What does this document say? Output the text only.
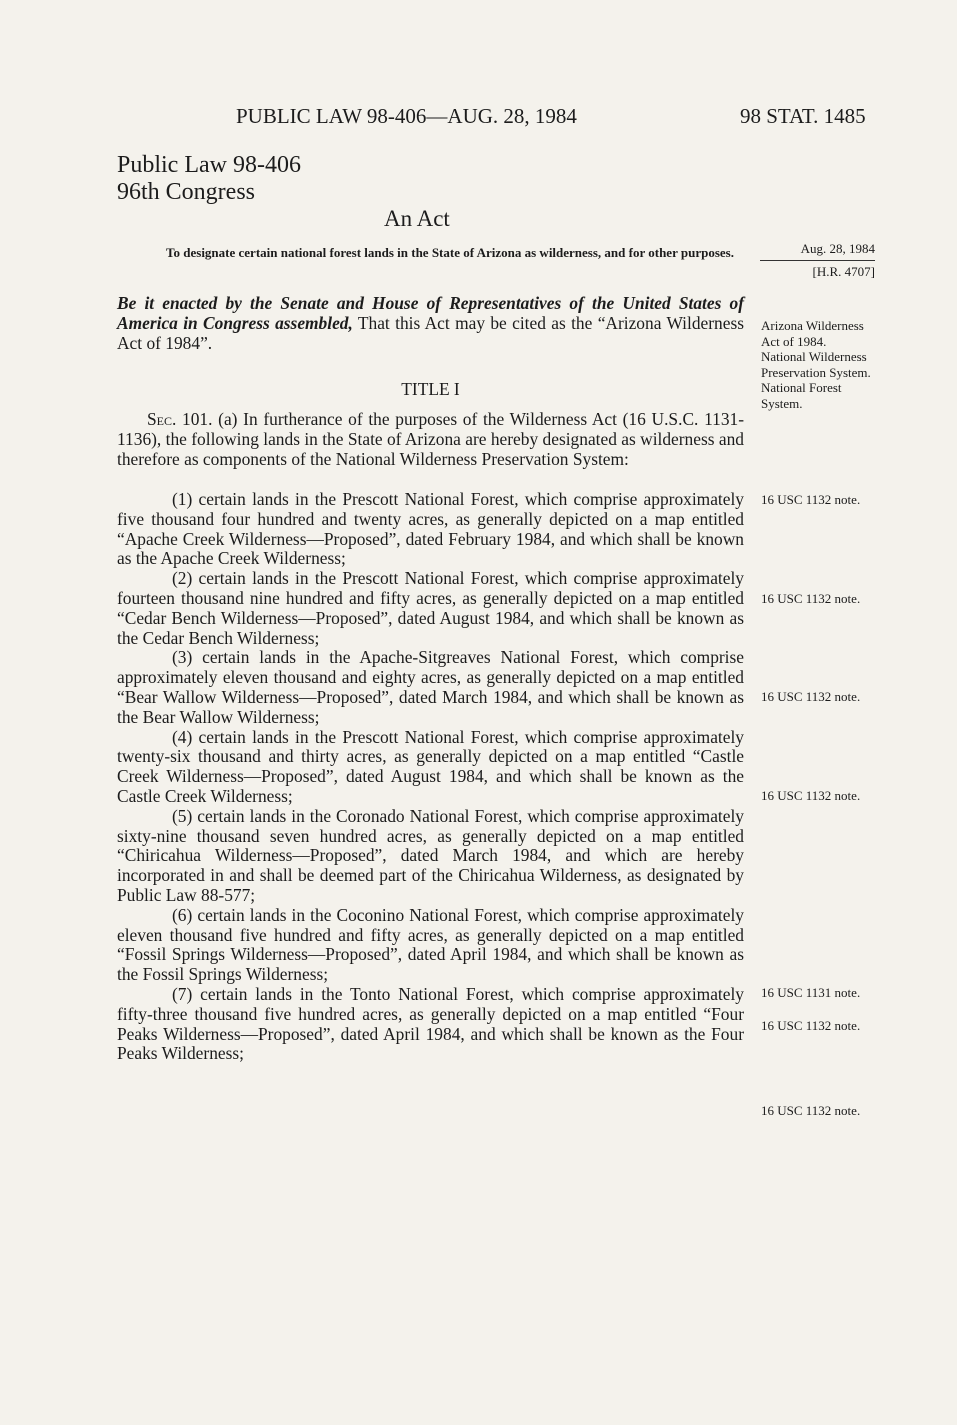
PUBLIC LAW 98-406—AUG. 28, 1984	98 STAT. 1485
Public Law 98-406
96th Congress
An Act
To designate certain national forest lands in the State of Arizona as wilderness, and for other purposes.	Aug. 28, 1984
[H.R. 4707]
Be it enacted by the Senate and House of Representatives of the United States of America in Congress assembled, That this Act may be cited as the “Arizona Wilderness Act of 1984”.
Arizona Wilderness Act of 1984. National Wilderness Preservation System. National Forest System.
TITLE I

Sec. 101. (a) In furtherance of the purposes of the Wilderness Act (16 U.S.C. 1131-1136), the following lands in the State of Arizona are hereby designated as wilderness and therefore as components of the National Wilderness Preservation System:

(1) certain lands in the Prescott National Forest, which comprise approximately five thousand four hundred and twenty acres, as generally depicted on a map entitled “Apache Creek Wilderness—Proposed”, dated February 1984, and which shall be known as the Apache Creek Wilderness;

(2) certain lands in the Prescott National Forest, which comprise approximately fourteen thousand nine hundred and fifty acres, as generally depicted on a map entitled “Cedar Bench Wilderness—Proposed”, dated August 1984, and which shall be known as the Cedar Bench Wilderness;

(3) certain lands in the Apache-Sitgreaves National Forest, which comprise approximately eleven thousand and eighty acres, as generally depicted on a map entitled “Bear Wallow Wilderness—Proposed”, dated March 1984, and which shall be known as the Bear Wallow Wilderness;

(4) certain lands in the Prescott National Forest, which comprise approximately twenty-six thousand and thirty acres, as generally depicted on a map entitled “Castle Creek Wilderness—Proposed”, dated August 1984, and which shall be known as the Castle Creek Wilderness;

(5) certain lands in the Coronado National Forest, which comprise approximately sixty-nine thousand seven hundred acres, as generally depicted on a map entitled “Chiricahua Wilderness—Proposed”, dated March 1984, and which are hereby incorporated in and shall be deemed part of the Chiricahua Wilderness, as designated by Public Law 88-577;

(6) certain lands in the Coconino National Forest, which comprise approximately eleven thousand five hundred and fifty acres, as generally depicted on a map entitled “Fossil Springs Wilderness—Proposed”, dated April 1984, and which shall be known as the Fossil Springs Wilderness;

(7) certain lands in the Tonto National Forest, which comprise approximately fifty-three thousand five hundred acres, as generally depicted on a map entitled “Four Peaks Wilderness—Proposed”, dated April 1984, and which shall be known as the Four Peaks Wilderness;

16 USC 1132 note.
16 USC 1132 note.
16 USC 1132 note.
16 USC 1132 note.
16 USC 1131 note.
16 USC 1132 note.
16 USC 1132 note.
